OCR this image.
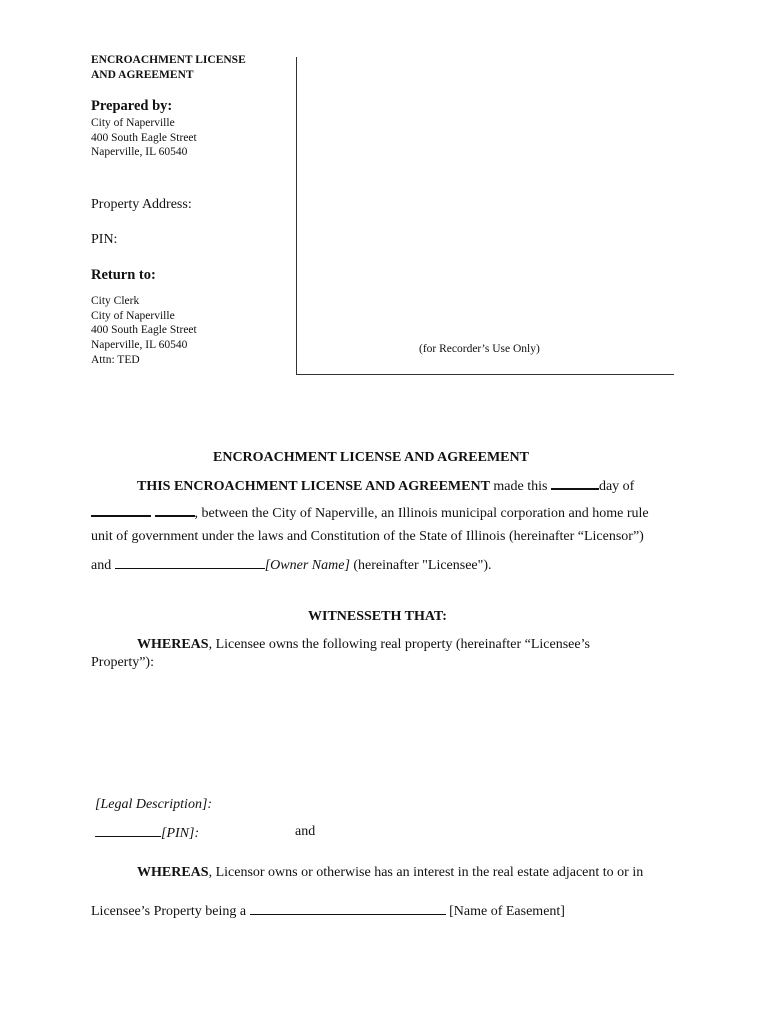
ENCROACHMENT LICENSE
AND AGREEMENT
Prepared by:
City of Naperville
400 South Eagle Street
Naperville, IL 60540
Property Address:
PIN:
Return to:
City Clerk
City of Naperville
400 South Eagle Street
Naperville, IL 60540
Attn: TED
(for Recorder’s Use Only)
ENCROACHMENT LICENSE AND AGREEMENT
THIS ENCROACHMENT LICENSE AND AGREEMENT made this	day of
, between the City of Naperville, an Illinois municipal corporation and home rule
unit of government under the laws and Constitution of the State of Illinois (hereinafter “Licensor”)
and	[Owner Name] (hereinafter "Licensee").
WITNESSETH THAT:
WHEREAS, Licensee owns the following real property (hereinafter “Licensee’s
Property”):
[Legal Description]:
[PIN]:	and
WHEREAS, Licensor owns or otherwise has an interest in the real estate adjacent to or in
Licensee’s Property being a	[Name of Easement]
